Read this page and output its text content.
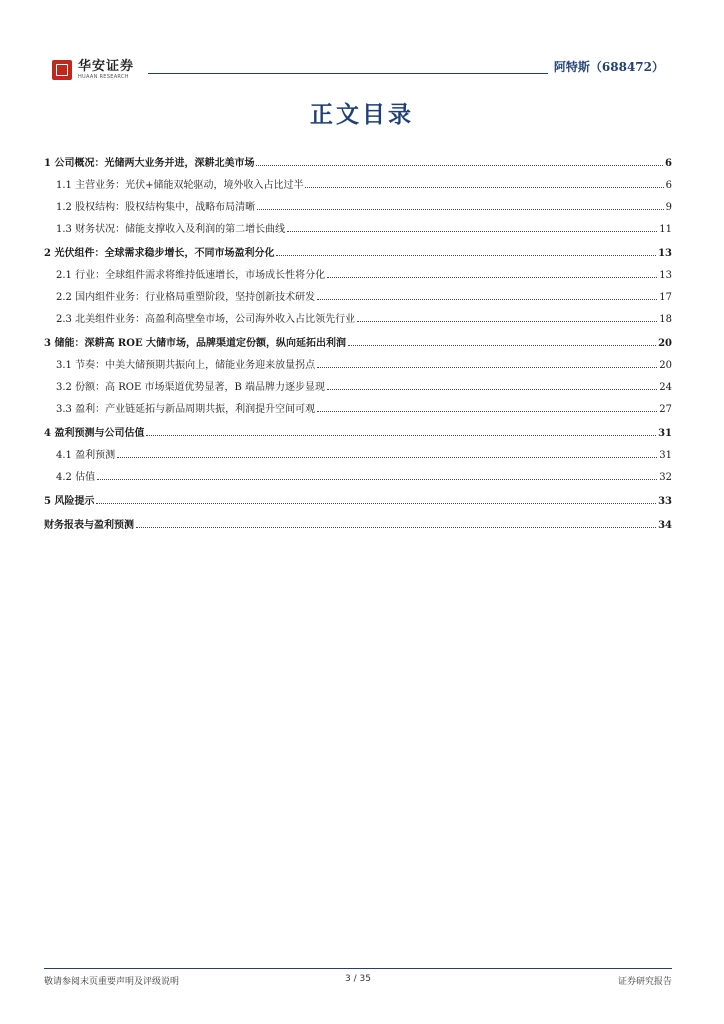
华安证券
HUAAN RESEARCH
阿特斯（688472）
正文目录
1 公司概况：光储两大业务并进，深耕北美市场	6
1.1 主营业务：光伏+储能双轮驱动，境外收入占比过半	6
1.2 股权结构：股权结构集中，战略布局清晰	9
1.3 财务状况：储能支撑收入及利润的第二增长曲线	11
2 光伏组件：全球需求稳步增长，不同市场盈利分化	13
2.1 行业：全球组件需求将维持低速增长，市场成长性将分化	13
2.2 国内组件业务：行业格局重塑阶段，坚持创新技术研发	17
2.3 北美组件业务：高盈利高壁垒市场，公司海外收入占比领先行业	18
3 储能：深耕高 ROE 大储市场，品牌渠道定份额，纵向延拓出利润	20
3.1 节奏：中美大储预期共振向上，储能业务迎来放量拐点	20
3.2 份额：高 ROE 市场渠道优势显著，B 端品牌力逐步显现	24
3.3 盈利：产业链延拓与新品周期共振，利润提升空间可观	27
4 盈利预测与公司估值	31
4.1 盈利预测	31
4.2 估值	32
5 风险提示	33
财务报表与盈利预测	34
敬请参阅末页重要声明及评级说明	3 / 35	证券研究报告
